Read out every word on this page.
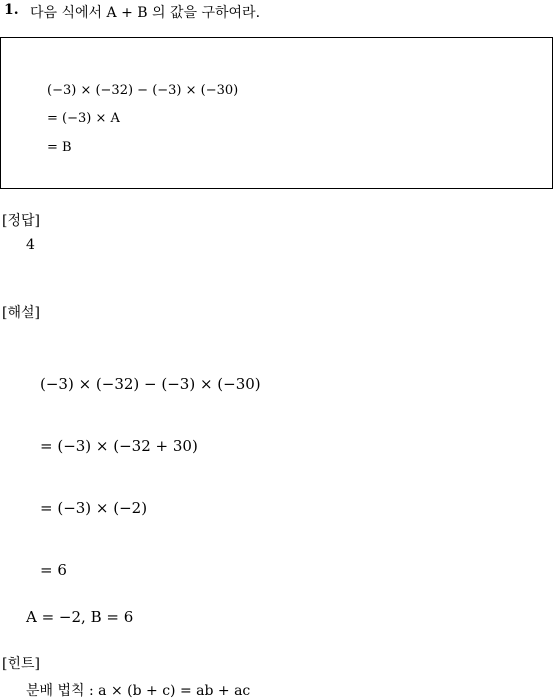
1. 다음 식에서 A + B 의 값을 구하여라.
(−3) × (−32) − (−3) × (−30)
= (−3) × A
= B
[정답]
4
[해설]
(−3) × (−32) − (−3) × (−30)
= (−3) × (−32 + 30)
= (−3) × (−2)
= 6
A = −2, B = 6
[힌트]
분배 법칙 : a × (b + c) = ab + ac
